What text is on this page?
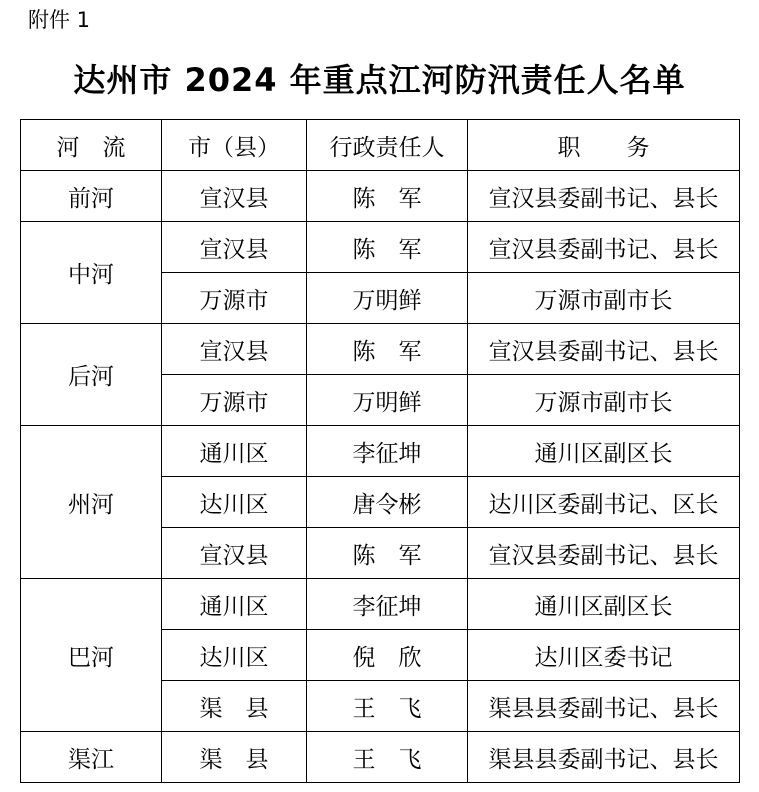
附件 1
达州市 2024 年重点江河防汛责任人名单
河　流	市（县）	行政责任人	职　　务
前河	宣汉县	陈　军	宣汉县委副书记、县长
中河	宣汉县	陈　军	宣汉县委副书记、县长
	万源市	万明鲜	万源市副市长
后河	宣汉县	陈　军	宣汉县委副书记、县长
	万源市	万明鲜	万源市副市长
州河	通川区	李征坤	通川区副区长
	达川区	唐令彬	达川区委副书记、区长
	宣汉县	陈　军	宣汉县委副书记、县长
巴河	通川区	李征坤	通川区副区长
	达川区	倪　欣	达川区委书记
	渠　县	王　飞	渠县县委副书记、县长
渠江	渠　县	王　飞	渠县县委副书记、县长
